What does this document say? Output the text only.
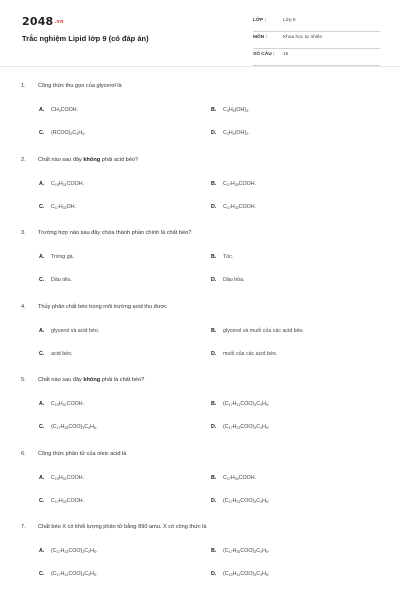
2048.vn
Trắc nghiệm Lipid lớp 9 (có đáp án)
LỚP :	Lớp 9
MÔN :	Khoa học tự nhiên
SỐ CÂU : 15
1. Công thức thu gọn của glycerol là
A. $CH_3COOH$.	B. $C_3H_5(OH)_3$.
C. $(RCOO)_3C_3H_5$.	D. $C_2H_4(OH)_2$.
2. Chất nào sau đây không phải acid béo?
A. $C_{15}H_{31}COOH$.	B. $C_{17}H_{35}COOH$.
C. $C_{17}H_{33}OH$.	D. $C_{17}H_{33}COOH$.
3. Trường hợp nào sau đây chứa thành phần chính là chất béo?
A. Trứng gà.	B. Tóc.
C. Dầu oliu.	D. Dầu hỏa.
4. Thủy phân chất béo trong môi trường acid thu được
A. glycerol và acid béo.	B. glycerol và muối của các acid béo.
C. acid béo.	D. muối của các acid béo.
5. Chất nào sau đây không phải là chất béo?
A. $C_{15}H_{31}COOH$.	B. $(C_{17}H_{31}COO)_3C_3H_5$.
C. $(C_{17}H_{35}COO)_3C_3H_5$.	D. $(C_{17}H_{33}COO)_3C_3H_5$.
6. Công thức phân tử của oleic acid là
A. $C_{15}H_{31}COOH$.	B. $C_{17}H_{35}COOH$.
C. $C_{17}H_{33}COOH$.	D. $(C_{17}H_{33}COO)_3C_3H_5$.
7. Chất béo X có khối lượng phân tử bằng 890 amu. X có công thức là
A. $(C_{17}H_{33}COO)_3C_3H_5$.	B. $(C_{17}H_{35}COO)_3C_3H_5$.
C. $(C_{17}H_{31}COO)_3C_3H_5$.	D. $(C_{15}H_{31}COO)_3C_3H_5$.
